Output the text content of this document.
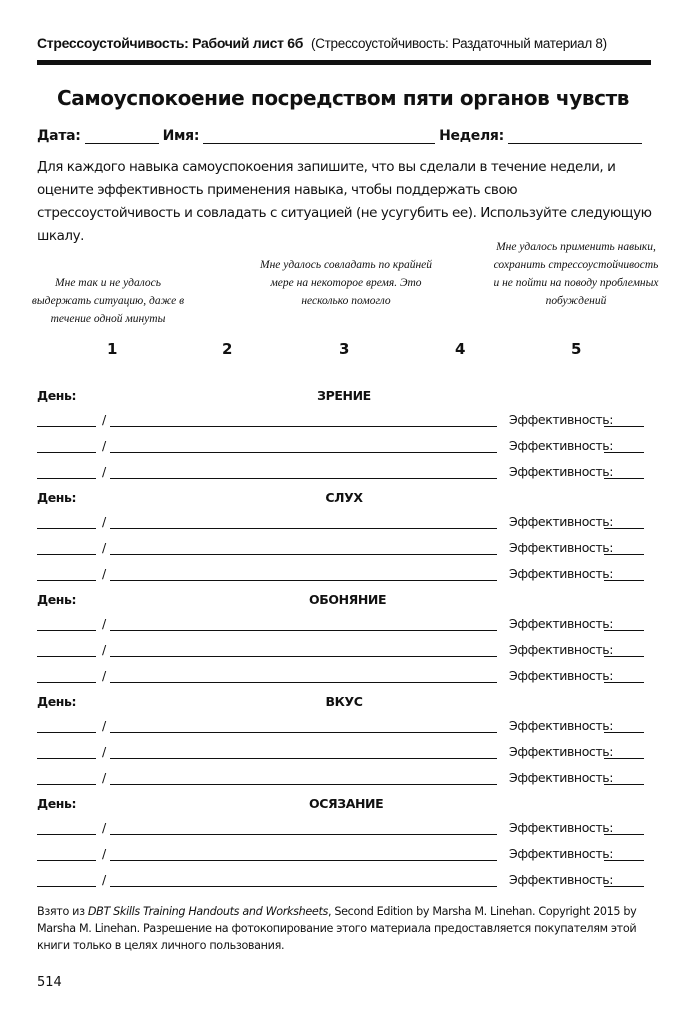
Стрессоустойчивость: Рабочий лист 6б (Стрессоустойчивость: Раздаточный материал 8)
Самоуспокоение посредством пяти органов чувств
Дата:	Имя:	Неделя:
Для каждого навыка самоуспокоения запишите, что вы сделали в течение недели, и оцените эффективность применения навыка, чтобы поддержать свою стрессоустойчивость и совладать с ситуацией (не усугубить ее). Используйте следующую шкалу.
Мне так и не удалось выдержать ситуацию, даже в течение одной минуты
Мне удалось совладать по крайней мере на некоторое время. Это несколько помогло
Мне удалось применить навыки, сохранить стрессоустойчивость и не пойти на поводу проблемных побуждений
1	2	3	4	5
День:	ЗРЕНИЕ
/	Эффективность:
/	Эффективность:
/	Эффективность:
День:	СЛУХ
/	Эффективность:
/	Эффективность:
/	Эффективность:
День:	ОБОНЯНИЕ
/	Эффективность:
/	Эффективность:
/	Эффективность:
День:	ВКУС
/	Эффективность:
/	Эффективность:
/	Эффективность:
День:	ОСЯЗАНИЕ
/	Эффективность:
/	Эффективность:
/	Эффективность:
Взято из DBT Skills Training Handouts and Worksheets, Second Edition by Marsha M. Linehan. Copyright 2015 by Marsha M. Linehan. Разрешение на фотокопирование этого материала предоставляется покупателям этой книги только в целях личного пользования.
514
